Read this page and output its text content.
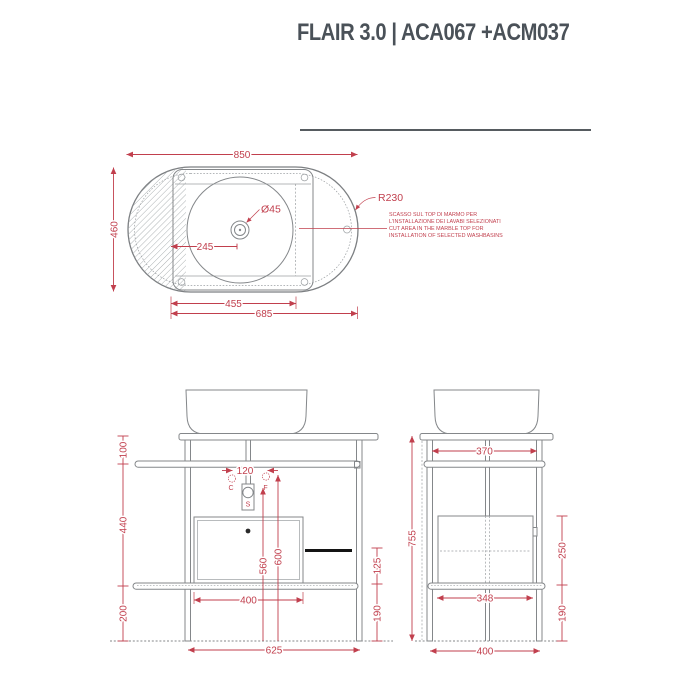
FLAIR 3.0 | ACA067 +ACM037
850
460
245
455
685
R230
Ø45	SCASSO SUL TOP DI MARMO PER
L'INSTALLAZIONE DEI LAVABI SELEZIONATI
CUT AREA IN THE MARBLE TOP FOR
INSTALLATION OF SELECTED WASHBASINS
C	F
S
120
100
440
200
560
600
400
625
125
190
755
370
250
190
348
400
